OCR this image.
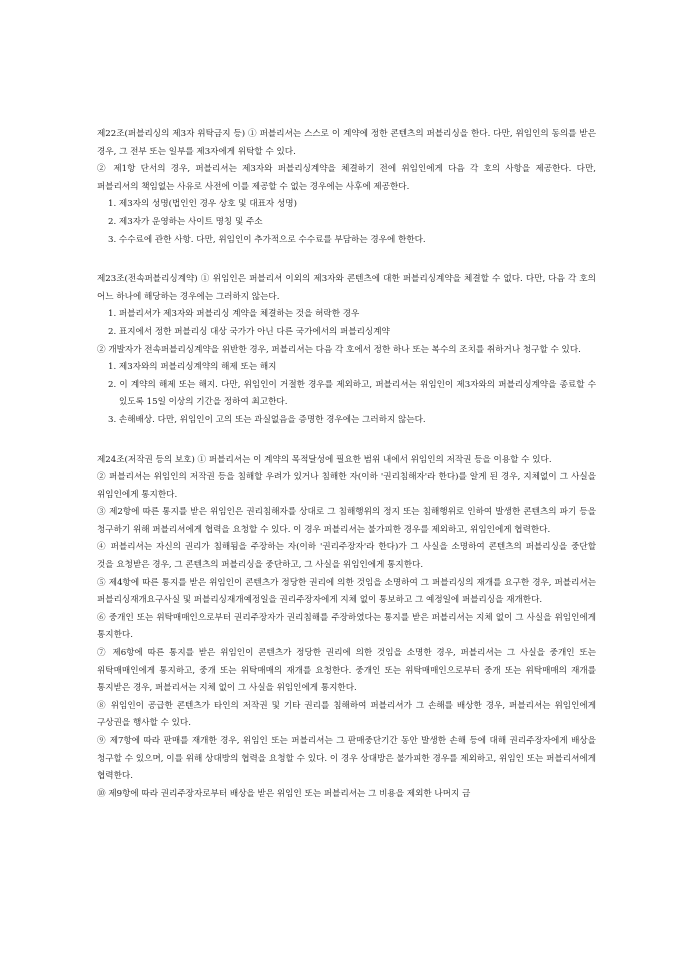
제22조(퍼블리싱의 제3자 위탁금지 등) ① 퍼블리셔는 스스로 이 계약에 정한 콘텐츠의 퍼블리싱을 한다. 다만, 위임인의 동의를 받은 경우, 그 전부 또는 일부를 제3자에게 위탁할 수 있다.

② 제1항 단서의 경우, 퍼블리셔는 제3자와 퍼블리싱계약을 체결하기 전에 위임인에게 다음 각 호의 사항을 제공한다. 다만, 퍼블리셔의 책임없는 사유로 사전에 이를 제공할 수 없는 경우에는 사후에 제공한다.

1. 제3자의 성명(법인인 경우 상호 및 대표자 성명)

2. 제3자가 운영하는 사이트 명칭 및 주소

3. 수수료에 관한 사항. 다만, 위임인이 추가적으로 수수료를 부담하는 경우에 한한다.

제23조(전속퍼블리싱계약) ① 위임인은 퍼블리셔 이외의 제3자와 콘텐츠에 대한 퍼블리싱계약을 체결할 수 없다. 다만, 다음 각 호의 어느 하나에 해당하는 경우에는 그러하지 않는다.

1. 퍼블리셔가 제3자와 퍼블리싱 계약을 체결하는 것을 허락한 경우

2. 표지에서 정한 퍼블리싱 대상 국가가 아닌 다른 국가에서의 퍼블리싱계약

② 개발자가 전속퍼블리싱계약을 위반한 경우, 퍼블리셔는 다음 각 호에서 정한 하나 또는 복수의 조치를 취하거나 청구할 수 있다.

1. 제3자와의 퍼블리싱계약의 해제 또는 해지

2. 이 계약의 해제 또는 해지. 다만, 위임인이 거절한 경우를 제외하고, 퍼블리셔는 위임인이 제3자와의 퍼블리싱계약을 종료할 수 있도록 15일 이상의 기간을 정하여 최고한다.

3. 손해배상. 다만, 위임인이 고의 또는 과실없음을 증명한 경우에는 그러하지 않는다.

제24조(저작권 등의 보호) ① 퍼블리셔는 이 계약의 목적달성에 필요한 범위 내에서 위임인의 저작권 등을 이용할 수 있다.

② 퍼블리셔는 위임인의 저작권 등을 침해할 우려가 있거나 침해한 자(이하 '권리침해자'라 한다)를 알게 된 경우, 지체없이 그 사실을 위임인에게 통지한다.

③ 제2항에 따른 통지를 받은 위임인은 권리침해자를 상대로 그 침해행위의 정지 또는 침해행위로 인하여 발생한 콘텐츠의 파기 등을 청구하기 위해 퍼블리셔에게 협력을 요청할 수 있다. 이 경우 퍼블리셔는 불가피한 경우를 제외하고, 위임인에게 협력한다.

④ 퍼블리셔는 자신의 권리가 침해됨을 주장하는 자(이하 '권리주장자'라 한다)가 그 사실을 소명하여 콘텐츠의 퍼블리싱을 중단할 것을 요청받은 경우, 그 콘텐츠의 퍼블리싱을 중단하고, 그 사실을 위임인에게 통지한다.

⑤ 제4항에 따른 통지를 받은 위임인이 콘텐츠가 정당한 권리에 의한 것임을 소명하여 그 퍼블리싱의 재개를 요구한 경우, 퍼블리셔는 퍼블리싱재개요구사실 및 퍼블리싱재개예정일을 권리주장자에게 지체 없이 통보하고 그 예정일에 퍼블리싱을 재개한다.

⑥ 중개인 또는 위탁매매인으로부터 권리주장자가 권리침해를 주장하였다는 통지를 받은 퍼블리셔는 지체 없이 그 사실을 위임인에게 통지한다.

⑦ 제6항에 따른 통지를 받은 위임인이 콘텐츠가 정당한 권리에 의한 것임을 소명한 경우, 퍼블리셔는 그 사실을 중개인 또는 위탁매매인에게 통지하고, 중개 또는 위탁매매의 재개를 요청한다. 중개인 또는 위탁매매인으로부터 중개 또는 위탁매매의 재개를 통지받은 경우, 퍼블리셔는 지체 없이 그 사실을 위임인에게 통지한다.

⑧ 위임인이 공급한 콘텐츠가 타인의 저작권 및 기타 권리를 침해하여 퍼블리셔가 그 손해를 배상한 경우, 퍼블리셔는 위임인에게 구상권을 행사할 수 있다.

⑨ 제7항에 따라 판매를 재개한 경우, 위임인 또는 퍼블리셔는 그 판매중단기간 동안 발생한 손해 등에 대해 권리주장자에게 배상을 청구할 수 있으며, 이를 위해 상대방의 협력을 요청할 수 있다. 이 경우 상대방은 불가피한 경우를 제외하고, 위임인 또는 퍼블리셔에게 협력한다.

⑩ 제9항에 따라 권리주장자로부터 배상을 받은 위임인 또는 퍼블리셔는 그 비용을 제외한 나머지 금
